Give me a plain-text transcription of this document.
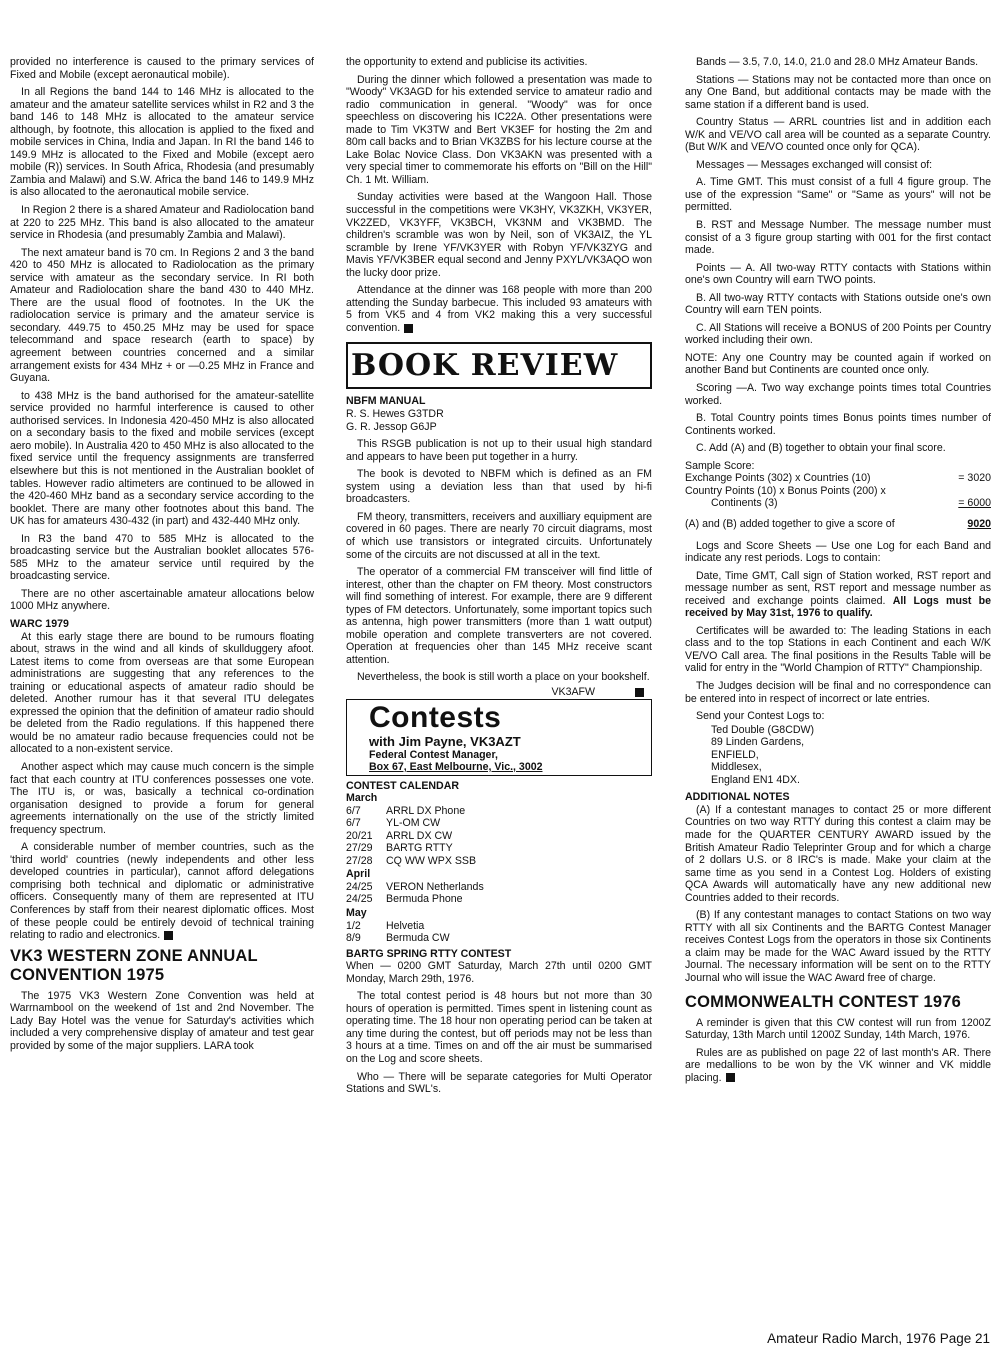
provided no interference is caused to the primary services of Fixed and Mobile (except aeronautical mobile).

In all Regions the band 144 to 146 MHz is allocated to the amateur and the amateur satellite services whilst in R2 and 3 the band 146 to 148 MHz is allocated to the amateur service although, by footnote, this allocation is applied to the fixed and mobile services in China, India and Japan. In RI the band 146 to 149.9 MHz is allocated to the Fixed and Mobile (except aero mobile (R)) services. In South Africa, Rhodesia (and presumably Zambia and Malawi) and S.W. Africa the band 146 to 149.9 MHz is also allocated to the aeronautical mobile service.

In Region 2 there is a shared Amateur and Radiolocation band at 220 to 225 MHz. This band is also allocated to the amateur service in Rhodesia (and presumably Zambia and Malawi).

The next amateur band is 70 cm. In Regions 2 and 3 the band 420 to 450 MHz is allocated to Radiolocation as the primary service with amateur as the secondary service. In RI both Amateur and Radiolocation share the band 430 to 440 MHz. There are the usual flood of footnotes. In the UK the radiolocation service is primary and the amateur service is secondary. 449.75 to 450.25 MHz may be used for space telecommand and space research (earth to space) by agreement between countries concerned and a similar arrangement exists for 434 MHz + or —0.25 MHz in France and Guyana.

to 438 MHz is the band authorised for the amateur-satellite service provided no harmful interference is caused to other authorised services. In Indonesia 420-450 MHz is also allocated on a secondary basis to the fixed and mobile services (except aero mobile). In Australia 420 to 450 MHz is also allocated to the fixed service until the frequency assignments are transferred elsewhere but this is not mentioned in the Australian booklet of tables. However radio altimeters are continued to be allowed in the 420-460 MHz band as a secondary service according to the booklet. There are many other footnotes about this band. The UK has for amateurs 430-432 (in part) and 432-440 MHz only.

In R3 the band 470 to 585 MHz is allocated to the broadcasting service but the Australian booklet allocates 576-585 MHz to the amateur service until required by the broadcasting service.

There are no other ascertainable amateur allocations below 1000 MHz anywhere.

WARC 1979

At this early stage there are bound to be rumours floating about, straws in the wind and all kinds of skullduggery afoot. Latest items to come from overseas are that some European administrations are suggesting that any references to the training or educational aspects of amateur radio should be deleted. Another rumour has it that several ITU delegates expressed the opinion that the definition of amateur radio should be deleted from the Radio regulations. If this happened there would be no amateur radio because frequencies could not be allocated to a non-existent service.

Another aspect which may cause much concern is the simple fact that each country at ITU conferences possesses one vote. The ITU is, or was, basically a technical co-ordination organisation designed to provide a forum for general agreements internationally on the use of the strictly limited frequency spectrum.

A considerable number of member countries, such as the 'third world' countries (newly independents and other less developed countries in particular), cannot afford delegations comprising both technical and diplomatic or administrative officers. Consequently many of them are represented at ITU Conferences by staff from their nearest diplomatic offices. Most of these people could be entirely devoid of technical training relating to radio and electronics.

VK3 WESTERN ZONE ANNUAL CONVENTION 1975

The 1975 VK3 Western Zone Convention was held at Warrnambool on the weekend of 1st and 2nd November. The Lady Bay Hotel was the venue for Saturday's activities which included a very comprehensive display of amateur and test gear provided by some of the major suppliers. LARA took

the opportunity to extend and publicise its activities.

During the dinner which followed a presentation was made to "Woody" VK3AGD for his extended service to amateur radio and radio communication in general. "Woody" was for once speechless on discovering his IC22A. Other presentations were made to Tim VK3TW and Bert VK3EF for hosting the 2m and 80m call backs and to Brian VK3ZBS for his lecture course at the Lake Bolac Novice Class. Don VK3AKN was presented with a very special timer to commemorate his efforts on "Bill on the Hill" Ch. 1 Mt. William.

Sunday activities were based at the Wangoon Hall. Those successful in the competitions were VK3HY, VK3ZKH, VK3YER, VK2ZED, VK3YFF, VK3BCH, VK3NM and VK3BMD. The children's scramble was won by Neil, son of VK3AIZ, the YL scramble by Irene YF/VK3YER with Robyn YF/VK3ZYG and Mavis YF/VK3BER equal second and Jenny PXYL/VK3AQO won the lucky door prize.

Attendance at the dinner was 168 people with more than 200 attending the Sunday barbecue. This included 93 amateurs with 5 from VK5 and 4 from VK2 making this a very successful convention.

BOOK REVIEW
NBFM MANUAL
R. S. Hewes G3TDR
G. R. Jessop G6JP

This RSGB publication is not up to their usual high standard and appears to have been put together in a hurry.

The book is devoted to NBFM which is defined as an FM system using a deviation less than that used by hi-fi broadcasters.

FM theory, transmitters, receivers and auxilliary equipment are covered in 60 pages. There are nearly 70 circuit diagrams, most of which use transistors or integrated circuits. Unfortunately some of the circuits are not discussed at all in the text.

The operator of a commercial FM transceiver will find little of interest, other than the chapter on FM theory. Most constructors will find something of interest. For example, there are 9 different types of FM detectors. Unfortunately, some important topics such as antenna, high power transmitters (more than 1 watt output) mobile operation and complete transverters are not covered. Operation at frequencies oher than 145 MHz receive scant attention.

Nevertheless, the book is still worth a place on your bookshelf.

VK3AFW
Contests
with Jim Payne, VK3AZT
Federal Contest Manager,
Box 67, East Melbourne, Vic., 3002
CONTEST CALENDAR
March
6/7	ARRL DX Phone
6/7	YL-OM CW
20/21	ARRL DX CW
27/29	BARTG RTTY
27/28	CQ WW WPX SSB
April
24/25	VERON Netherlands
24/25	Bermuda Phone
May
1/2	Helvetia
8/9	Bermuda CW
BARTG SPRING RTTY CONTEST

When — 0200 GMT Saturday, March 27th until 0200 GMT Monday, March 29th, 1976.

The total contest period is 48 hours but not more than 30 hours of operation is permitted. Times spent in listening count as operating time. The 18 hour non operating period can be taken at any time during the contest, but off periods may not be less than 3 hours at a time. Times on and off the air must be summarised on the Log and score sheets.

Who — There will be separate categories for Multi Operator Stations and SWL's.

Bands — 3.5, 7.0, 14.0, 21.0 and 28.0 MHz Amateur Bands.

Stations — Stations may not be contacted more than once on any One Band, but additional contacts may be made with the same station if a different band is used.

Country Status — ARRL countries list and in addition each W/K and VE/VO call area will be counted as a separate Country. (But W/K and VE/VO counted once only for QCA).

Messages — Messages exchanged will consist of:

A. Time GMT. This must consist of a full 4 figure group. The use of the expression "Same" or "Same as yours" will not be permitted.

B. RST and Message Number. The message number must consist of a 3 figure group starting with 001 for the first contact made.

Points — A. All two-way RTTY contacts with Stations within one's own Country will earn TWO points.

B. All two-way RTTY contacts with Stations outside one's own Country will earn TEN points.

C. All Stations will receive a BONUS of 200 Points per Country worked including their own.

NOTE: Any one Country may be counted again if worked on another Band but Continents are counted once only.

Scoring —A. Two way exchange points times total Countries worked.

B. Total Country points times Bonus points times number of Continents worked.

C. Add (A) and (B) together to obtain your final score.

Sample Score:
Exchange Points (302) x Countries (10)	= 3020
Country Points (10) x Bonus Points (200) x
Continents (3)	= 6000
(A) and (B) added together to give a score of	9020

Logs and Score Sheets — Use one Log for each Band and indicate any rest periods. Logs to contain:

Date, Time GMT, Call sign of Station worked, RST report and message number as sent, RST report and message number as received and exchange points claimed. All Logs must be received by May 31st, 1976 to qualify.

Certificates will be awarded to: The leading Stations in each class and to the top Stations in each Continent and each W/K VE/VO Call area. The final positions in the Results Table will be valid for entry in the "World Champion of RTTY" Championship.

The Judges decision will be final and no correspondence can be entered into in respect of incorrect or late entries.

Send your Contest Logs to:

Ted Double (G8CDW)
89 Linden Gardens,
ENFIELD,
Middlesex,
England EN1 4DX.
ADDITIONAL NOTES

(A) If a contestant manages to contact 25 or more different Countries on two way RTTY during this contest a claim may be made for the QUARTER CENTURY AWARD issued by the British Amateur Radio Teleprinter Group and for which a charge of 2 dollars U.S. or 8 IRC's is made. Make your claim at the same time as you send in a Contest Log. Holders of existing QCA Awards will automatically have any new additional new Countries added to their records.

(B) If any contestant manages to contact Stations on two way RTTY with all six Continents and the BARTG Contest Manager receives Contest Logs from the operators in those six Continents a claim may be made for the WAC Award issued by the RTTY Journal. The necessary information will be sent on to the RTTY Journal who will issue the WAC Award free of charge.

COMMONWEALTH CONTEST 1976

A reminder is given that this CW contest will run from 1200Z Saturday, 13th March until 1200Z Sunday, 14th March, 1976.

Rules are as published on page 22 of last month's AR. There are medallions to be won by the VK winner and VK middle placing.

Amateur Radio March, 1976 Page 21
